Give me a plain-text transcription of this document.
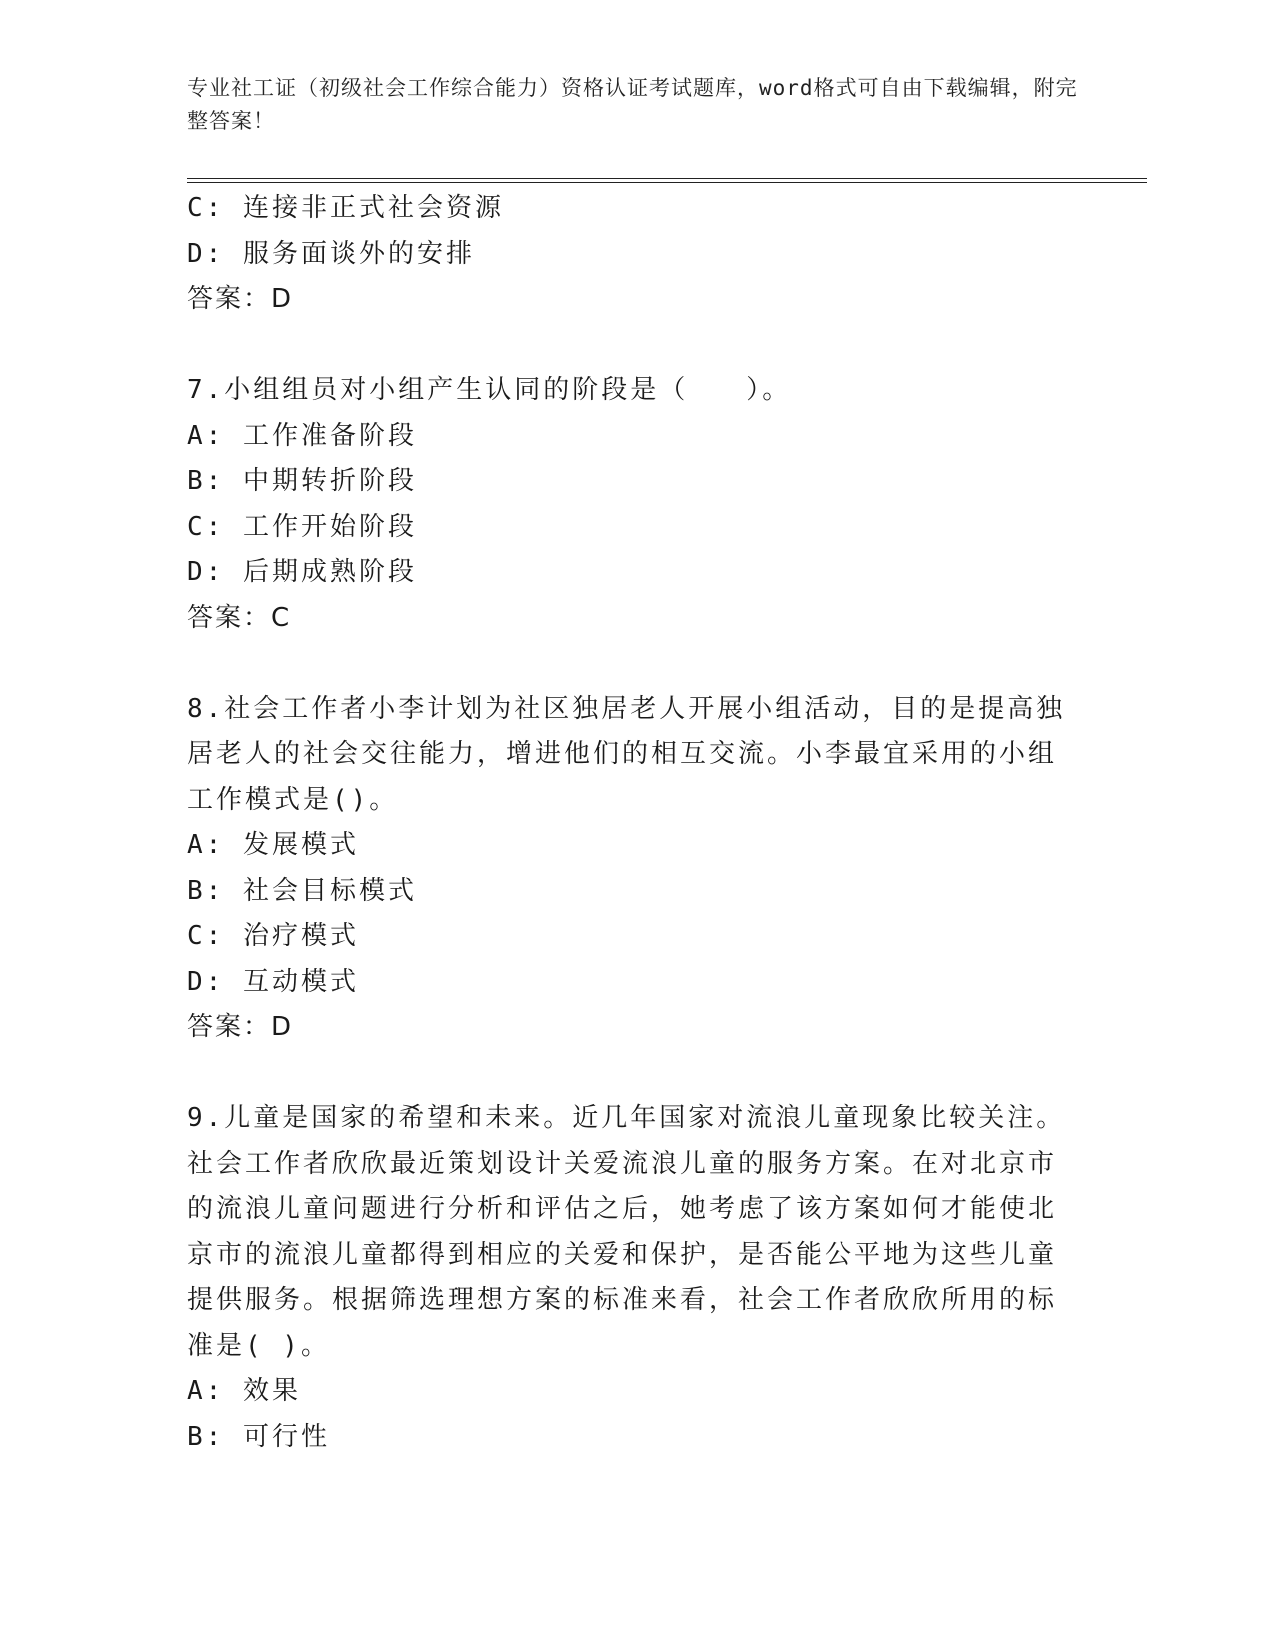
专业社工证（初级社会工作综合能力）资格认证考试题库，word格式可自由下载编辑，附完整答案！
C: 连接非正式社会资源
D: 服务面谈外的安排
答案：D
7.小组组员对小组产生认同的阶段是（　　）。
A: 工作准备阶段
B: 中期转折阶段
C: 工作开始阶段
D: 后期成熟阶段
答案：C
8.社会工作者小李计划为社区独居老人开展小组活动，目的是提高独
居老人的社会交往能力，增进他们的相互交流。小李最宜采用的小组
工作模式是()。
A: 发展模式
B: 社会目标模式
C: 治疗模式
D: 互动模式
答案：D
9.儿童是国家的希望和未来。近几年国家对流浪儿童现象比较关注。
社会工作者欣欣最近策划设计关爱流浪儿童的服务方案。在对北京市
的流浪儿童问题进行分析和评估之后，她考虑了该方案如何才能使北
京市的流浪儿童都得到相应的关爱和保护，是否能公平地为这些儿童
提供服务。根据筛选理想方案的标准来看，社会工作者欣欣所用的标
准是( )。
A: 效果
B: 可行性
